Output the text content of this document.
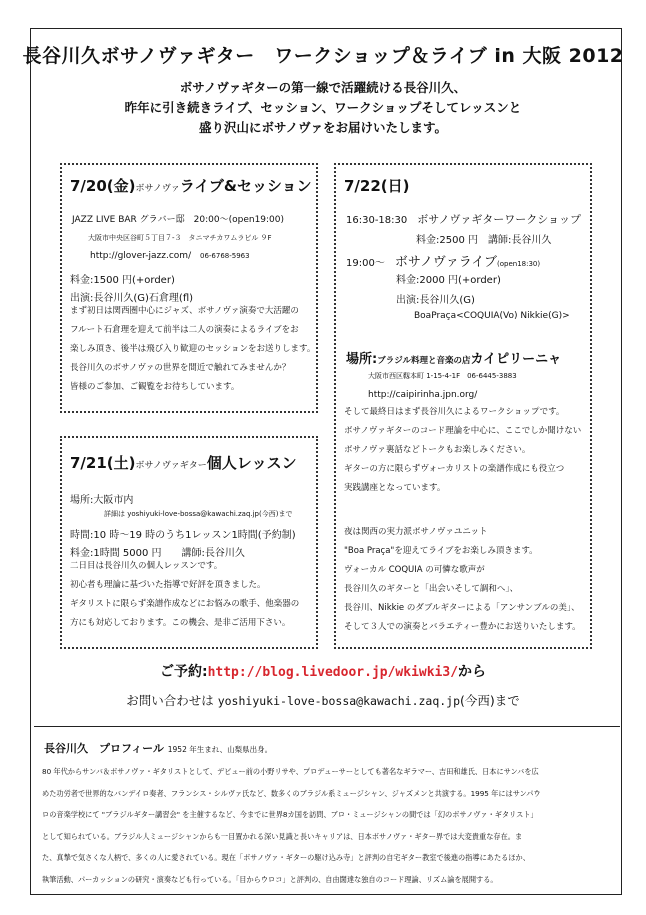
長谷川久ボサノヴァギター　ワークショップ＆ライブ in 大阪 2012
ボサノヴァギターの第一線で活躍続ける長谷川久、
昨年に引き続きライブ、セッション、ワークショップそしてレッスンと
盛り沢山にボサノヴァをお届けいたします。
7/20(金)ボサノヴァライブ&セッション
JAZZ LIVE BAR グラバー邸　20:00～(open19:00)
大阪市中央区谷町５丁目７-３　タニマチカワムラビル ９F
http://glover-jazz.com/ 06-6768-5963
料金:1500 円(+order)
出演:長谷川久(G)石倉理(fl)
まず初日は関西圏中心にジャズ、ボサノヴァ演奏で大活躍の
フルート石倉理を迎えて前半は二人の演奏によるライブをお
楽しみ頂き、後半は飛び入り歓迎のセッションをお送りします。
長谷川久のボサノヴァの世界を間近で触れてみませんか？
皆様のご参加、ご観覧をお待ちしています。
7/22(日)
16:30-18:30　 ボサノヴァギターワークショップ
料金:2500 円　 講師:長谷川久
19:00～　 ボサノヴァライブ(open18:30)
料金:2000 円(+order)
出演:長谷川久(G)
BoaPraça<COQUIA(Vo) Nikkie(G)>
場所:ブラジル料理と音楽の店カイピリーニャ
大阪市西区靱本町 1-15-4-1F　06-6445-3883
http://caipirinha.jpn.org/
そして最終日はまず長谷川久によるワークショップです。
ボサノヴァギターのコード理論を中心に、ここでしか聞けない
ボサノヴァ裏話などトークもお楽しみください。
ギターの方に限らずヴォーカリストの楽譜作成にも役立つ
実践講座となっています。
夜は関西の実力派ボサノヴァユニット
"Boa Praça"を迎えてライブをお楽しみ頂きます。
ヴォーカル COQUIA の可憐な歌声が
長谷川久のギターと「出会いそして調和へ」、
長谷川、Nikkie のダブルギターによる「アンサンブルの美」、
そして３人での演奏とバラエティー豊かにお送りいたします。
7/21(土)ボサノヴァギター個人レッスン
場所:大阪市内
詳細は yoshiyuki-love-bossa@kawachi.zaq.jp(今西)まで
時間:10 時～19 時のうち1レッスン1時間(予約制)
料金:1時間 5000 円　　 講師:長谷川久
二日目は長谷川久の個人レッスンです。
初心者も理論に基づいた指導で好評を頂きました。
ギタリストに限らず楽譜作成などにお悩みの歌手、他楽器の
方にも対応しております。この機会、是非ご活用下さい。
ご予約:http://blog.livedoor.jp/wkiwki3/から
お問い合わせは yoshiyuki-love-bossa@kawachi.zaq.jp(今西)まで
長谷川久　プロフィール 1952 年生まれ、山梨県出身。
80 年代からサンバ＆ボサノヴァ・ギタリストとして、デビュー前の小野リサや、プロデューサーとしても著名なギラマー、吉田和雄氏、日本にサンバを広
めた功労者で世界的なバンデイロ奏者、フランシス・シルヴァ氏など、数多くのブラジル系ミュージシャン、ジャズメンと共演する。1995 年にはサンパウ
ロの音楽学校にて "ブラジルギター講習会" を主催するなど、今までに世界8カ国を訪問、ブロ・ミュージシャンの間では「幻のボサノヴァ・ギタリスト」
として知られている。ブラジル人ミュージシャンからも一目置かれる深い見識と長いキャリアは、日本ボサノヴァ・ギター界では大変貴重な存在。ま
た、真摯で気さくな人柄で、多くの人に愛されている。現在「ボサノヴァ・ギターの駆け込み寺」と評判の自宅ギター教室で後進の指導にあたるほか、
執筆活動、パーカッションの研究・演奏なども行っている。「目からウロコ」と評判の、自由闊達な独自のコード理論、リズム論を展開する。
